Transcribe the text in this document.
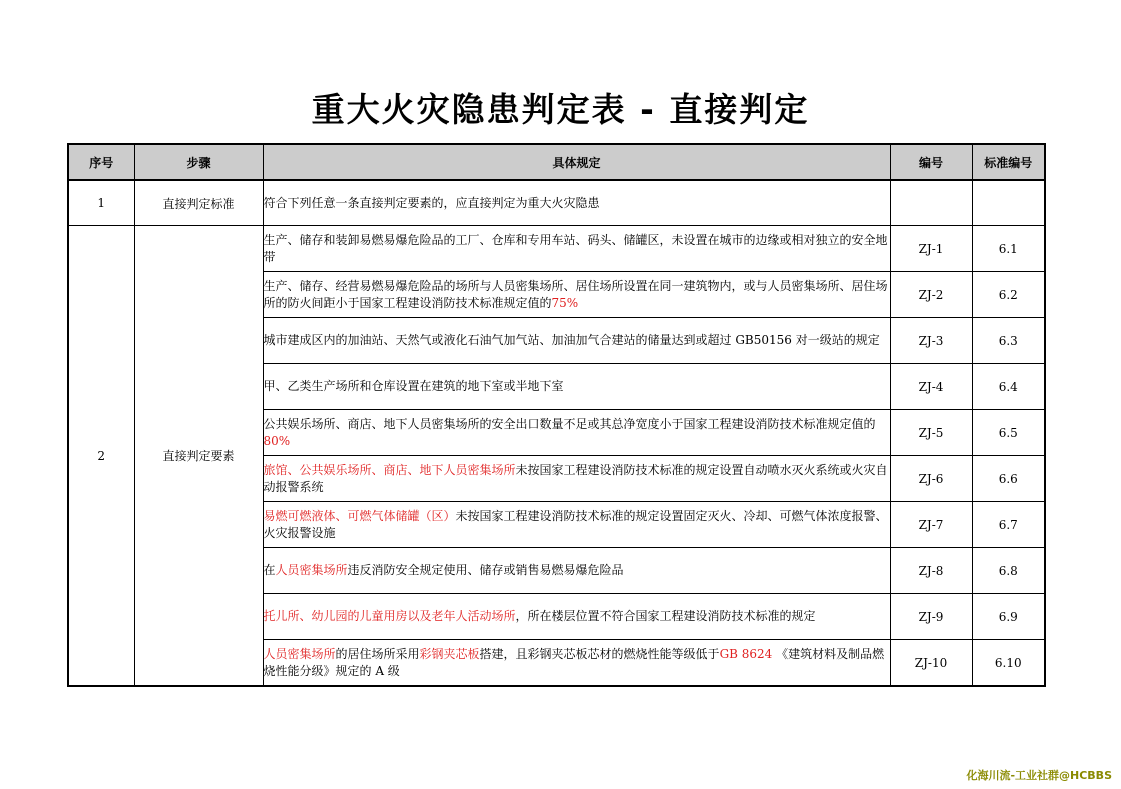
重大火灾隐患判定表 - 直接判定
序号	步骤	具体规定	编号	标准编号
1	直接判定标准	符合下列任意一条直接判定要素的，应直接判定为重大火灾隐患		
2	直接判定要素	生产、储存和装卸易燃易爆危险品的工厂、仓库和专用车站、码头、储罐区，未设置在城市的边缘或相对独立的安全地带	ZJ-1	6.1
		生产、储存、经营易燃易爆危险品的场所与人员密集场所、居住场所设置在同一建筑物内，或与人员密集场所、居住场所的防火间距小于国家工程建设消防技术标准规定值的75%	ZJ-2	6.2
		城市建成区内的加油站、天然气或液化石油气加气站、加油加气合建站的储量达到或超过 GB50156 对一级站的规定	ZJ-3	6.3
		甲、乙类生产场所和仓库设置在建筑的地下室或半地下室	ZJ-4	6.4
		公共娱乐场所、商店、地下人员密集场所的安全出口数量不足或其总净宽度小于国家工程建设消防技术标准规定值的80%	ZJ-5	6.5
		旅馆、公共娱乐场所、商店、地下人员密集场所未按国家工程建设消防技术标准的规定设置自动喷水灭火系统或火灾自动报警系统	ZJ-6	6.6
		易燃可燃液体、可燃气体储罐（区）未按国家工程建设消防技术标准的规定设置固定灭火、冷却、可燃气体浓度报警、火灾报警设施	ZJ-7	6.7
		在人员密集场所违反消防安全规定使用、储存或销售易燃易爆危险品	ZJ-8	6.8
		托儿所、幼儿园的儿童用房以及老年人活动场所，所在楼层位置不符合国家工程建设消防技术标准的规定	ZJ-9	6.9
		人员密集场所的居住场所采用彩钢夹芯板搭建，且彩钢夹芯板芯材的燃烧性能等级低于GB 8624 《建筑材料及制品燃烧性能分级》规定的 A 级	ZJ-10	6.10
化海川流-工业社群@HCBBS
